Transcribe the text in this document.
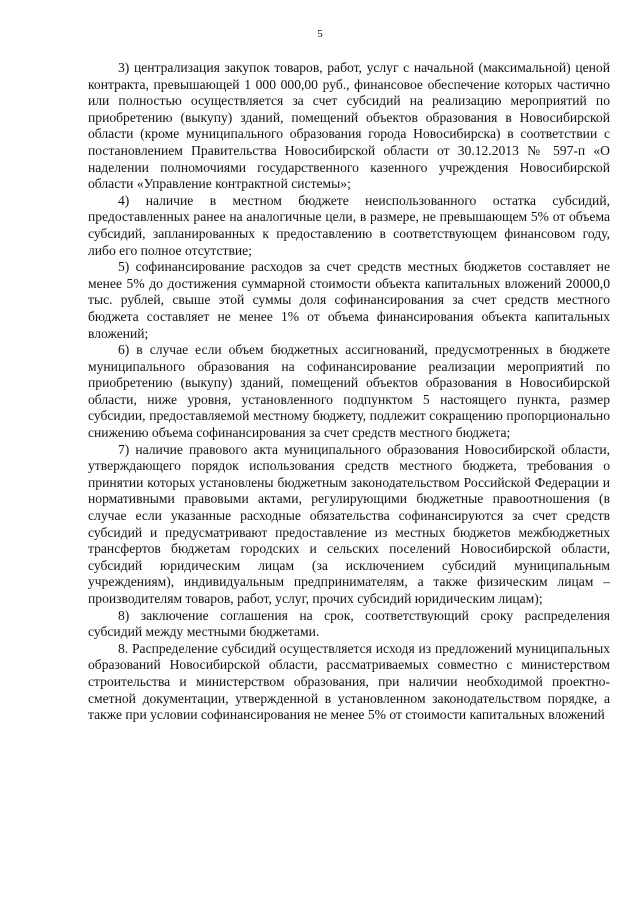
5

3) централизация закупок товаров, работ, услуг с начальной (максимальной) ценой контракта, превышающей 1 000 000,00 руб., финансовое обеспечение которых частично или полностью осуществляется за счет субсидий на реализацию мероприятий по приобретению (выкупу) зданий, помещений объектов образования в Новосибирской области (кроме муниципального образования города Новосибирска) в соответствии с постановлением Правительства Новосибирской области от 30.12.2013 № 597-п «О наделении полномочиями государственного казенного учреждения Новосибирской области «Управление контрактной системы»;

4) наличие в местном бюджете неиспользованного остатка субсидий, предоставленных ранее на аналогичные цели, в размере, не превышающем 5% от объема субсидий, запланированных к предоставлению в соответствующем финансовом году, либо его полное отсутствие;

5) софинансирование расходов за счет средств местных бюджетов составляет не менее 5% до достижения суммарной стоимости объекта капитальных вложений 20000,0 тыс. рублей, свыше этой суммы доля софинансирования за счет средств местного бюджета составляет не менее 1% от объема финансирования объекта капитальных вложений;

6) в случае если объем бюджетных ассигнований, предусмотренных в бюджете муниципального образования на софинансирование реализации мероприятий по приобретению (выкупу) зданий, помещений объектов образования в Новосибирской области, ниже уровня, установленного подпунктом 5 настоящего пункта, размер субсидии, предоставляемой местному бюджету, подлежит сокращению пропорционально снижению объема софинансирования за счет средств местного бюджета;

7) наличие правового акта муниципального образования Новосибирской области, утверждающего порядок использования средств местного бюджета, требования о принятии которых установлены бюджетным законодательством Российской Федерации и нормативными правовыми актами, регулирующими бюджетные правоотношения (в случае если указанные расходные обязательства софинансируются за счет средств субсидий и предусматривают предоставление из местных бюджетов межбюджетных трансфертов бюджетам городских и сельских поселений Новосибирской области, субсидий юридическим лицам (за исключением субсидий муниципальным учреждениям), индивидуальным предпринимателям, а также физическим лицам – производителям товаров, работ, услуг, прочих субсидий юридическим лицам);

8) заключение соглашения на срок, соответствующий сроку распределения субсидий между местными бюджетами.

8. Распределение субсидий осуществляется исходя из предложений муниципальных образований Новосибирской области, рассматриваемых совместно с министерством строительства и министерством образования, при наличии необходимой проектно-сметной документации, утвержденной в установленном законодательством порядке, а также при условии софинансирования не менее 5% от стоимости капитальных вложений
